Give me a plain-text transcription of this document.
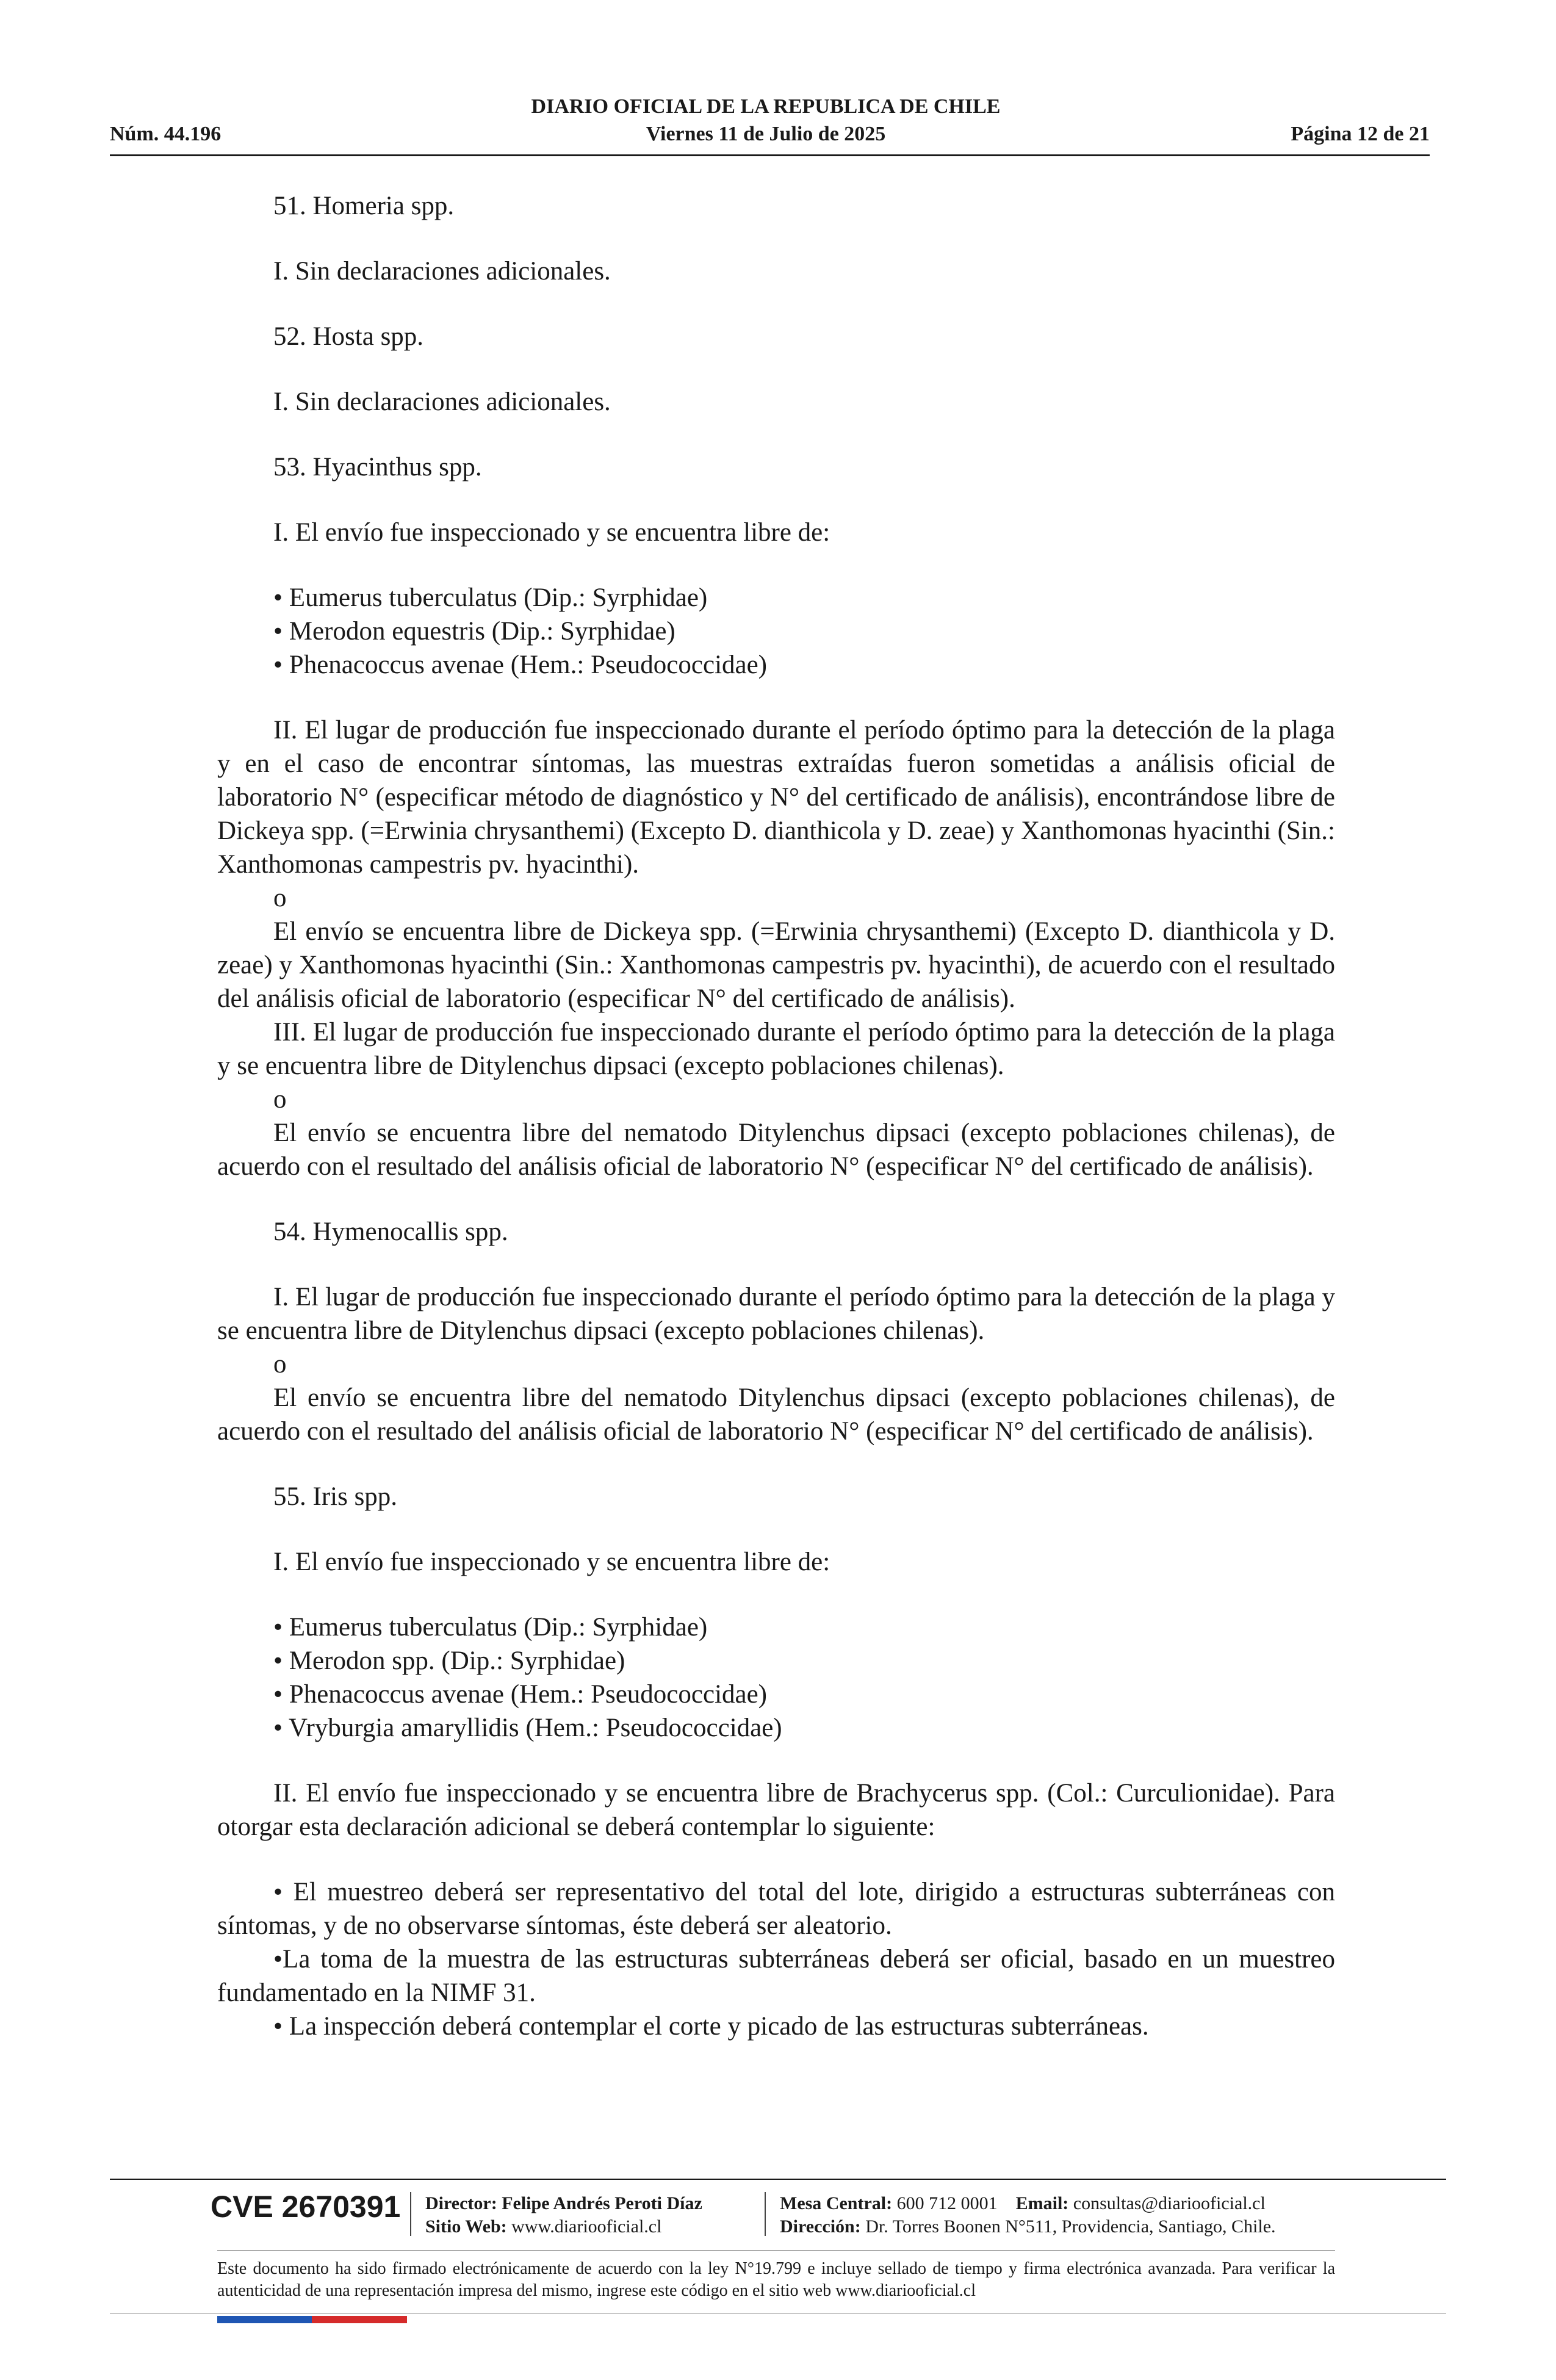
DIARIO OFICIAL DE LA REPUBLICA DE CHILE
Núm. 44.196	Viernes 11 de Julio de 2025	Página 12 de 21

51. Homeria spp.

I. Sin declaraciones adicionales.

52. Hosta spp.

I. Sin declaraciones adicionales.

53. Hyacinthus spp.

I. El envío fue inspeccionado y se encuentra libre de:

• Eumerus tuberculatus (Dip.: Syrphidae)

• Merodon equestris (Dip.: Syrphidae)

• Phenacoccus avenae (Hem.: Pseudococcidae)

II. El lugar de producción fue inspeccionado durante el período óptimo para la detección de la plaga y en el caso de encontrar síntomas, las muestras extraídas fueron sometidas a análisis oficial de laboratorio N° (especificar método de diagnóstico y N° del certificado de análisis), encontrándose libre de Dickeya spp. (=Erwinia chrysanthemi) (Excepto D. dianthicola y D. zeae) y Xanthomonas hyacinthi (Sin.: Xanthomonas campestris pv. hyacinthi).

o

El envío se encuentra libre de Dickeya spp. (=Erwinia chrysanthemi) (Excepto D. dianthicola y D. zeae) y Xanthomonas hyacinthi (Sin.: Xanthomonas campestris pv. hyacinthi), de acuerdo con el resultado del análisis oficial de laboratorio (especificar N° del certificado de análisis).

III. El lugar de producción fue inspeccionado durante el período óptimo para la detección de la plaga y se encuentra libre de Ditylenchus dipsaci (excepto poblaciones chilenas).

o

El envío se encuentra libre del nematodo Ditylenchus dipsaci (excepto poblaciones chilenas), de acuerdo con el resultado del análisis oficial de laboratorio N° (especificar N° del certificado de análisis).

54. Hymenocallis spp.

I. El lugar de producción fue inspeccionado durante el período óptimo para la detección de la plaga y se encuentra libre de Ditylenchus dipsaci (excepto poblaciones chilenas).

o

El envío se encuentra libre del nematodo Ditylenchus dipsaci (excepto poblaciones chilenas), de acuerdo con el resultado del análisis oficial de laboratorio N° (especificar N° del certificado de análisis).

55. Iris spp.

I. El envío fue inspeccionado y se encuentra libre de:

• Eumerus tuberculatus (Dip.: Syrphidae)

• Merodon spp. (Dip.: Syrphidae)

• Phenacoccus avenae (Hem.: Pseudococcidae)

• Vryburgia amaryllidis (Hem.: Pseudococcidae)

II. El envío fue inspeccionado y se encuentra libre de Brachycerus spp. (Col.: Curculionidae). Para otorgar esta declaración adicional se deberá contemplar lo siguiente:

• El muestreo deberá ser representativo del total del lote, dirigido a estructuras subterráneas con síntomas, y de no observarse síntomas, éste deberá ser aleatorio.

•La toma de la muestra de las estructuras subterráneas deberá ser oficial, basado en un muestreo fundamentado en la NIMF 31.

• La inspección deberá contemplar el corte y picado de las estructuras subterráneas.

CVE 2670391 Director: Felipe Andrés Peroti Díaz
Sitio Web: www.diariooficial.cl
Mesa Central: 600 712 0001 Email: consultas@diariooficial.cl
Dirección: Dr. Torres Boonen N°511, Providencia, Santiago, Chile.
Este documento ha sido firmado electrónicamente de acuerdo con la ley N°19.799 e incluye sellado de tiempo y firma electrónica avanzada. Para verificar la autenticidad de una representación impresa del mismo, ingrese este código en el sitio web www.diariooficial.cl
